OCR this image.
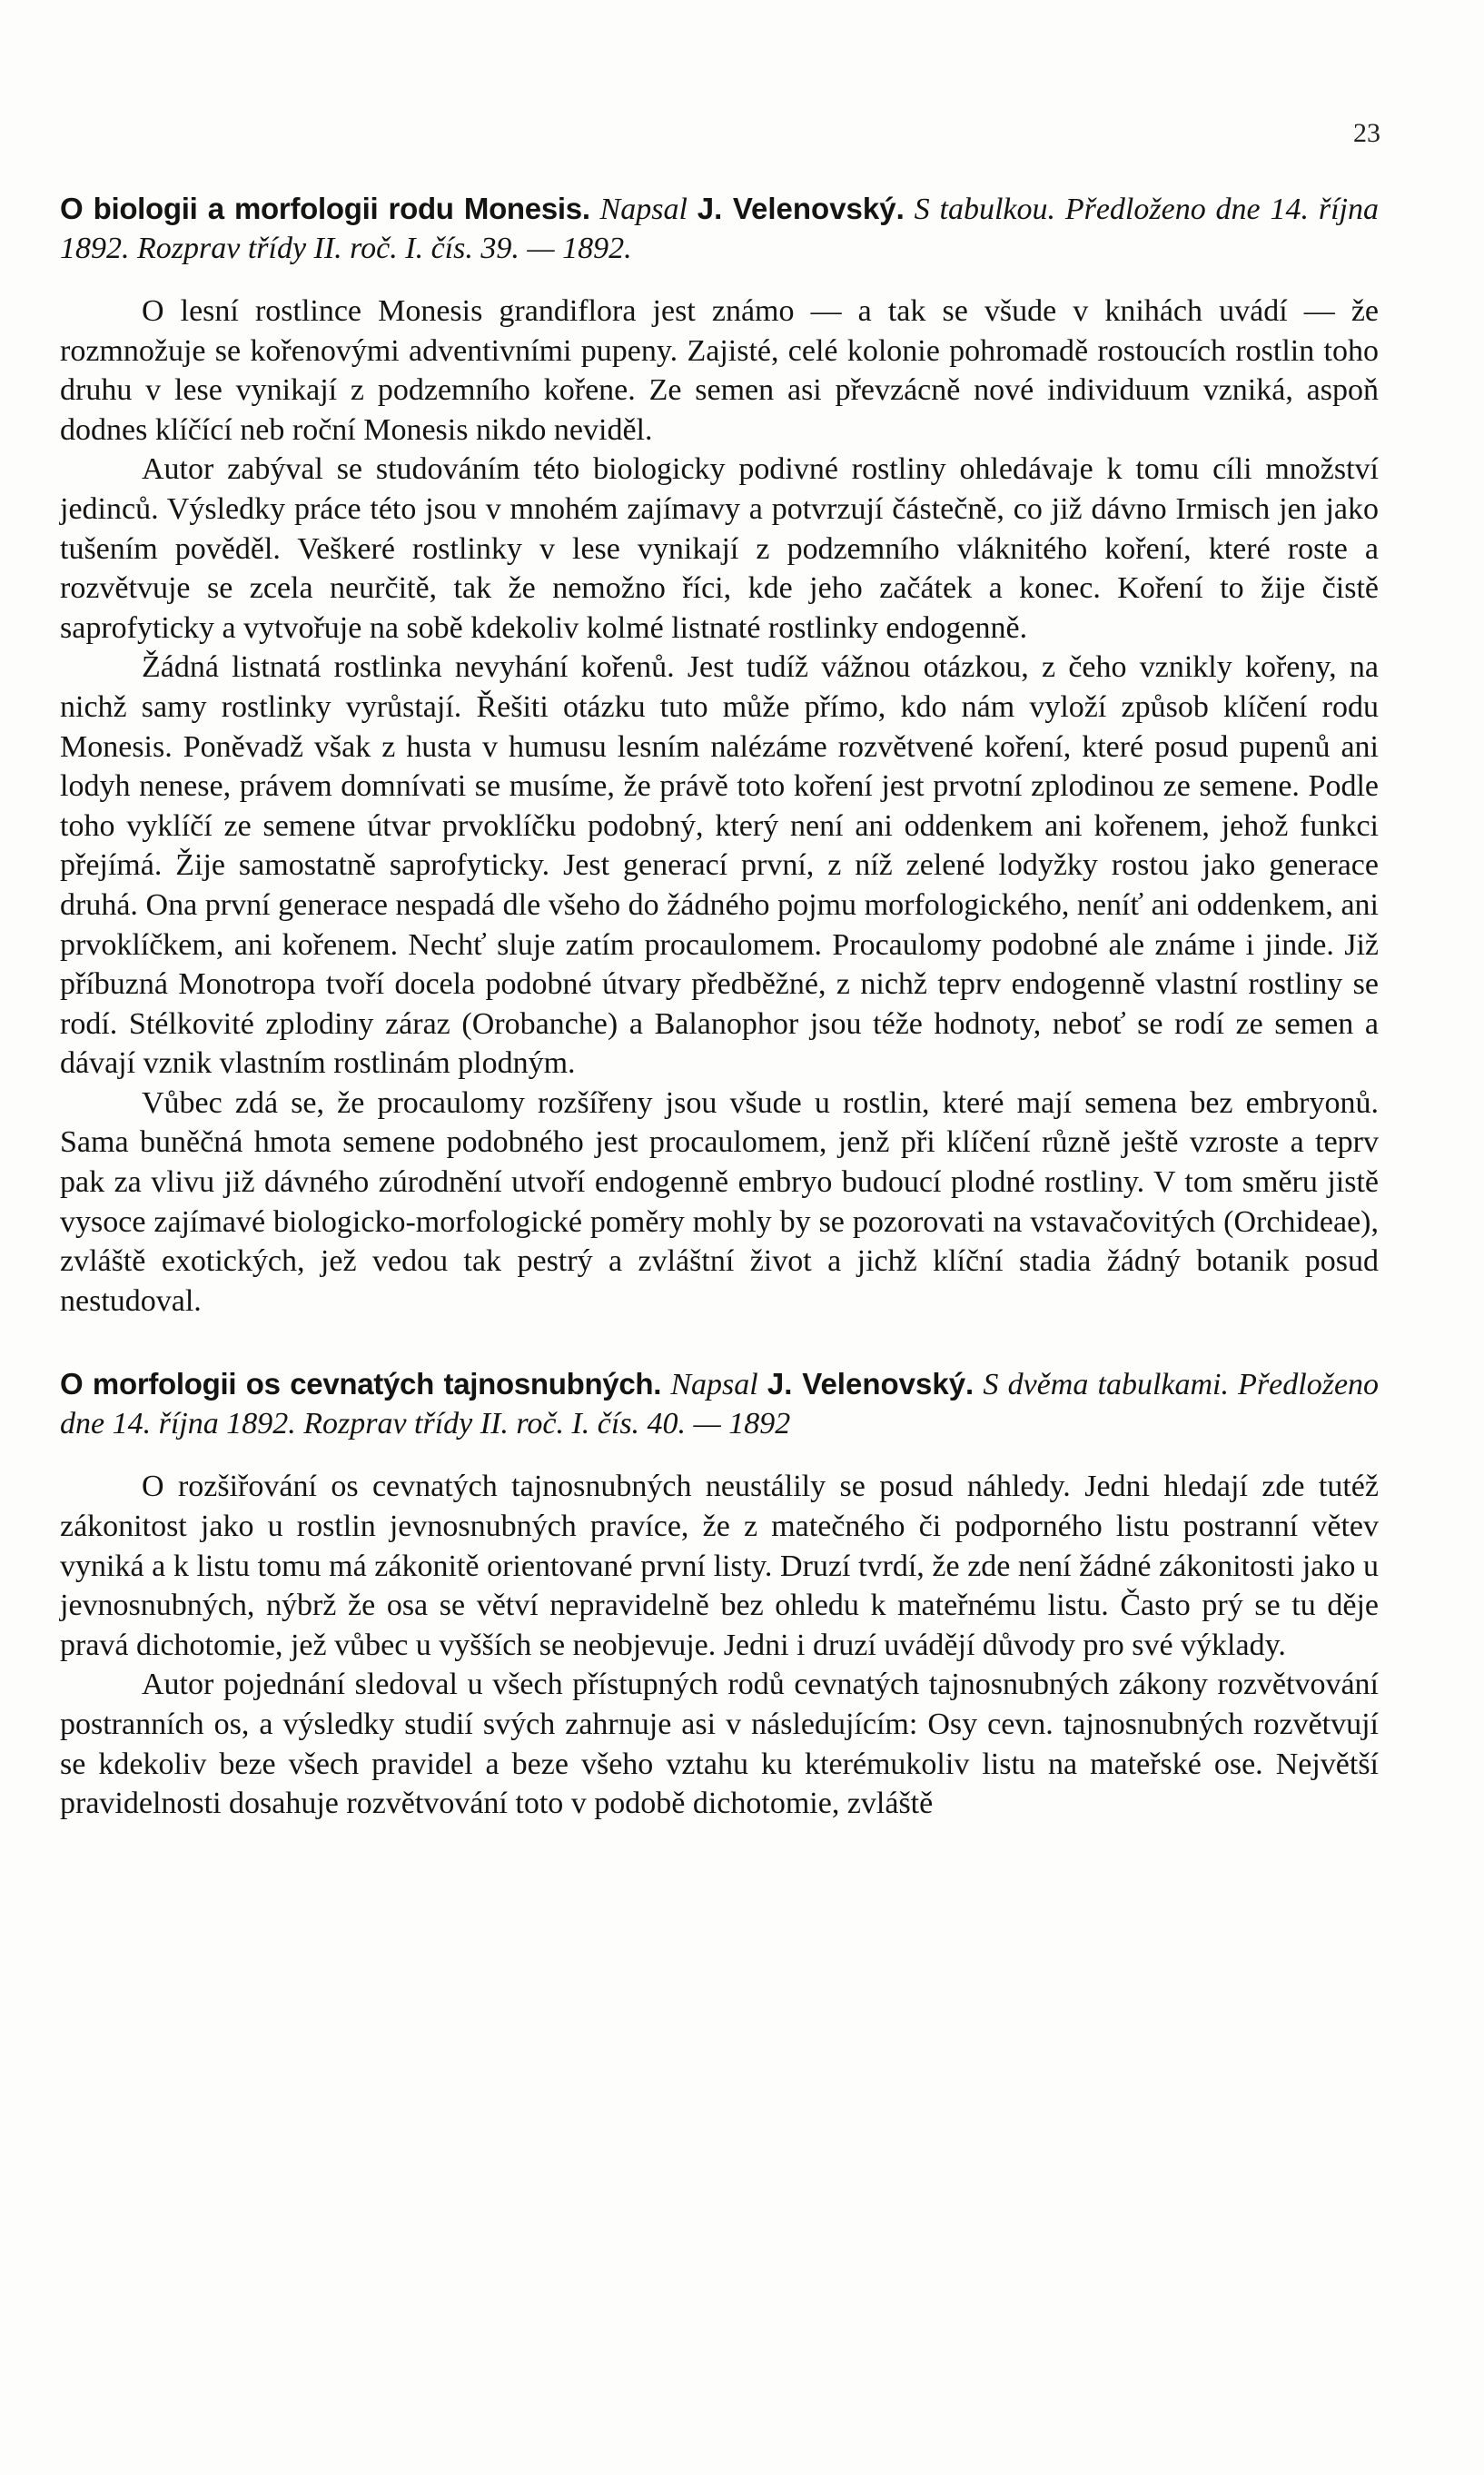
23

O biologii a morfologii rodu Monesis. Napsal J. Velenovský. S tabulkou. Předloženo dne 14. října 1892. Rozprav třídy II. roč. I. čís. 39. — 1892.

O lesní rostlince Monesis grandiflora jest známo — a tak se všude v knihách uvádí — že rozmnožuje se kořenovými adventivními pupeny. Zajisté, celé kolonie pohromadě rostoucích rostlin toho druhu v lese vynikají z podzemního kořene. Ze semen asi převzácně nové individuum vzniká, aspoň dodnes klíčící neb roční Monesis nikdo neviděl.

Autor zabýval se studováním této biologicky podivné rostliny ohledávaje k tomu cíli množství jedinců. Výsledky práce této jsou v mnohém zajímavy a potvrzují částečně, co již dávno Irmisch jen jako tušením pověděl. Veškeré rostlinky v lese vynikají z podzemního vláknitého koření, které roste a rozvětvuje se zcela neurčitě, tak že nemožno říci, kde jeho začátek a konec. Koření to žije čistě saprofyticky a vytvořuje na sobě kdekoliv kolmé listnaté rostlinky endogenně.

Žádná listnatá rostlinka nevyhání kořenů. Jest tudíž vážnou otázkou, z čeho vznikly kořeny, na nichž samy rostlinky vyrůstají. Řešiti otázku tuto může přímo, kdo nám vyloží způsob klíčení rodu Monesis. Poněvadž však z husta v humusu lesním nalézáme rozvětvené koření, které posud pupenů ani lodyh nenese, právem domnívati se musíme, že právě toto koření jest prvotní zplodinou ze semene. Podle toho vyklíčí ze semene útvar prvoklíčku podobný, který není ani oddenkem ani kořenem, jehož funkci přejímá. Žije samostatně saprofyticky. Jest generací první, z níž zelené lodyžky rostou jako generace druhá. Ona první generace nespadá dle všeho do žádného pojmu morfologického, neníť ani oddenkem, ani prvoklíčkem, ani kořenem. Nechť sluje zatím procaulomem. Procaulomy podobné ale známe i jinde. Již příbuzná Monotropa tvoří docela podobné útvary předběžné, z nichž teprv endogenně vlastní rostliny se rodí. Stélkovité zplodiny záraz (Orobanche) a Balanophor jsou téže hodnoty, neboť se rodí ze semen a dávají vznik vlastním rostlinám plodným.

Vůbec zdá se, že procaulomy rozšířeny jsou všude u rostlin, které mají semena bez embryonů. Sama buněčná hmota semene podobného jest procaulomem, jenž při klíčení různě ještě vzroste a teprv pak za vlivu již dávného zúrodnění utvoří endogenně embryo budoucí plodné rostliny. V tom směru jistě vysoce zajímavé biologicko-morfologické poměry mohly by se pozorovati na vstavačovitých (Orchideae), zvláště exotických, jež vedou tak pestrý a zvláštní život a jichž klíční stadia žádný botanik posud nestudoval.

O morfologii os cevnatých tajnosnubných. Napsal J. Velenovský. S dvěma tabulkami. Předloženo dne 14. října 1892. Rozprav třídy II. roč. I. čís. 40. — 1892

O rozšiřování os cevnatých tajnosnubných neustálily se posud náhledy. Jedni hledají zde tutéž zákonitost jako u rostlin jevnosnubných pravíce, že z matečného či podporného listu postranní větev vyniká a k listu tomu má zákonitě orientované první listy. Druzí tvrdí, že zde není žádné zákonitosti jako u jevnosnubných, nýbrž že osa se větví nepravidelně bez ohledu k mateřnému listu. Často prý se tu děje pravá dichotomie, jež vůbec u vyšších se neobjevuje. Jedni i druzí uvádějí důvody pro své výklady.

Autor pojednání sledoval u všech přístupných rodů cevnatých tajnosnubných zákony rozvětvování postranních os, a výsledky studií svých zahrnuje asi v následujícím: Osy cevn. tajnosnubných rozvětvují se kdekoliv beze všech pravidel a beze všeho vztahu ku kterémukoliv listu na mateřské ose. Největší pravidelnosti dosahuje rozvětvování toto v podobě dichotomie, zvláště
